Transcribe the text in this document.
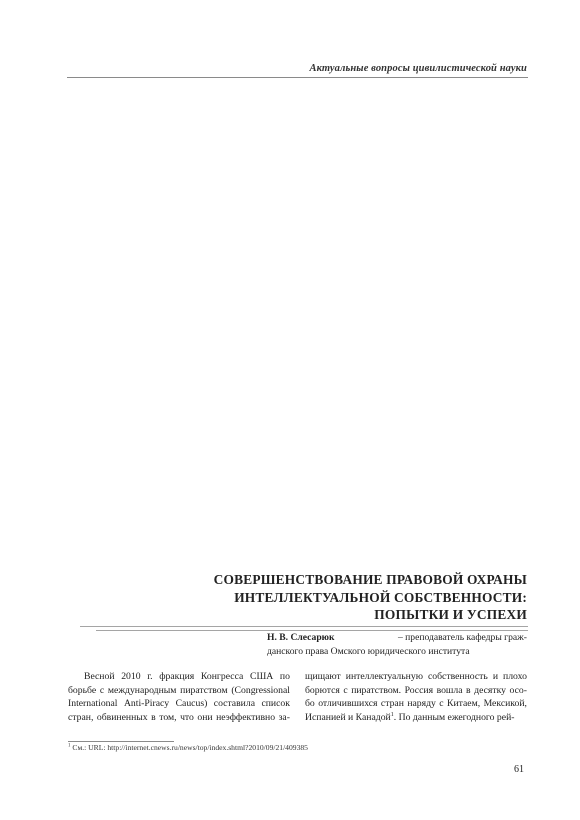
Актуальные вопросы цивилистической науки
СОВЕРШЕНСТВОВАНИЕ ПРАВОВОЙ ОХРАНЫ
ИНТЕЛЛЕКТУАЛЬНОЙ СОБСТВЕННОСТИ:
ПОПЫТКИ И УСПЕХИ
Н. В. Слесарюк	– преподаватель кафедры граж-
данского права Омского юридического института
Весной 2010 г. фракция Конгресса США по
борьбе с международным пиратством (Congressional
International Anti-Piracy Caucus) составила список
стран, обвиненных в том, что они неэффективно за-
щищают интеллектуальную собственность и плохо
борются с пиратством. Россия вошла в десятку осо-
бо отличившихся стран наряду с Китаем, Мексикой,
Испанией и Канадой$^1$. По данным ежегодного рей-
$^1$ См.: URL: http://internet.cnews.ru/news/top/index.shtml?2010/09/21/409385
61
